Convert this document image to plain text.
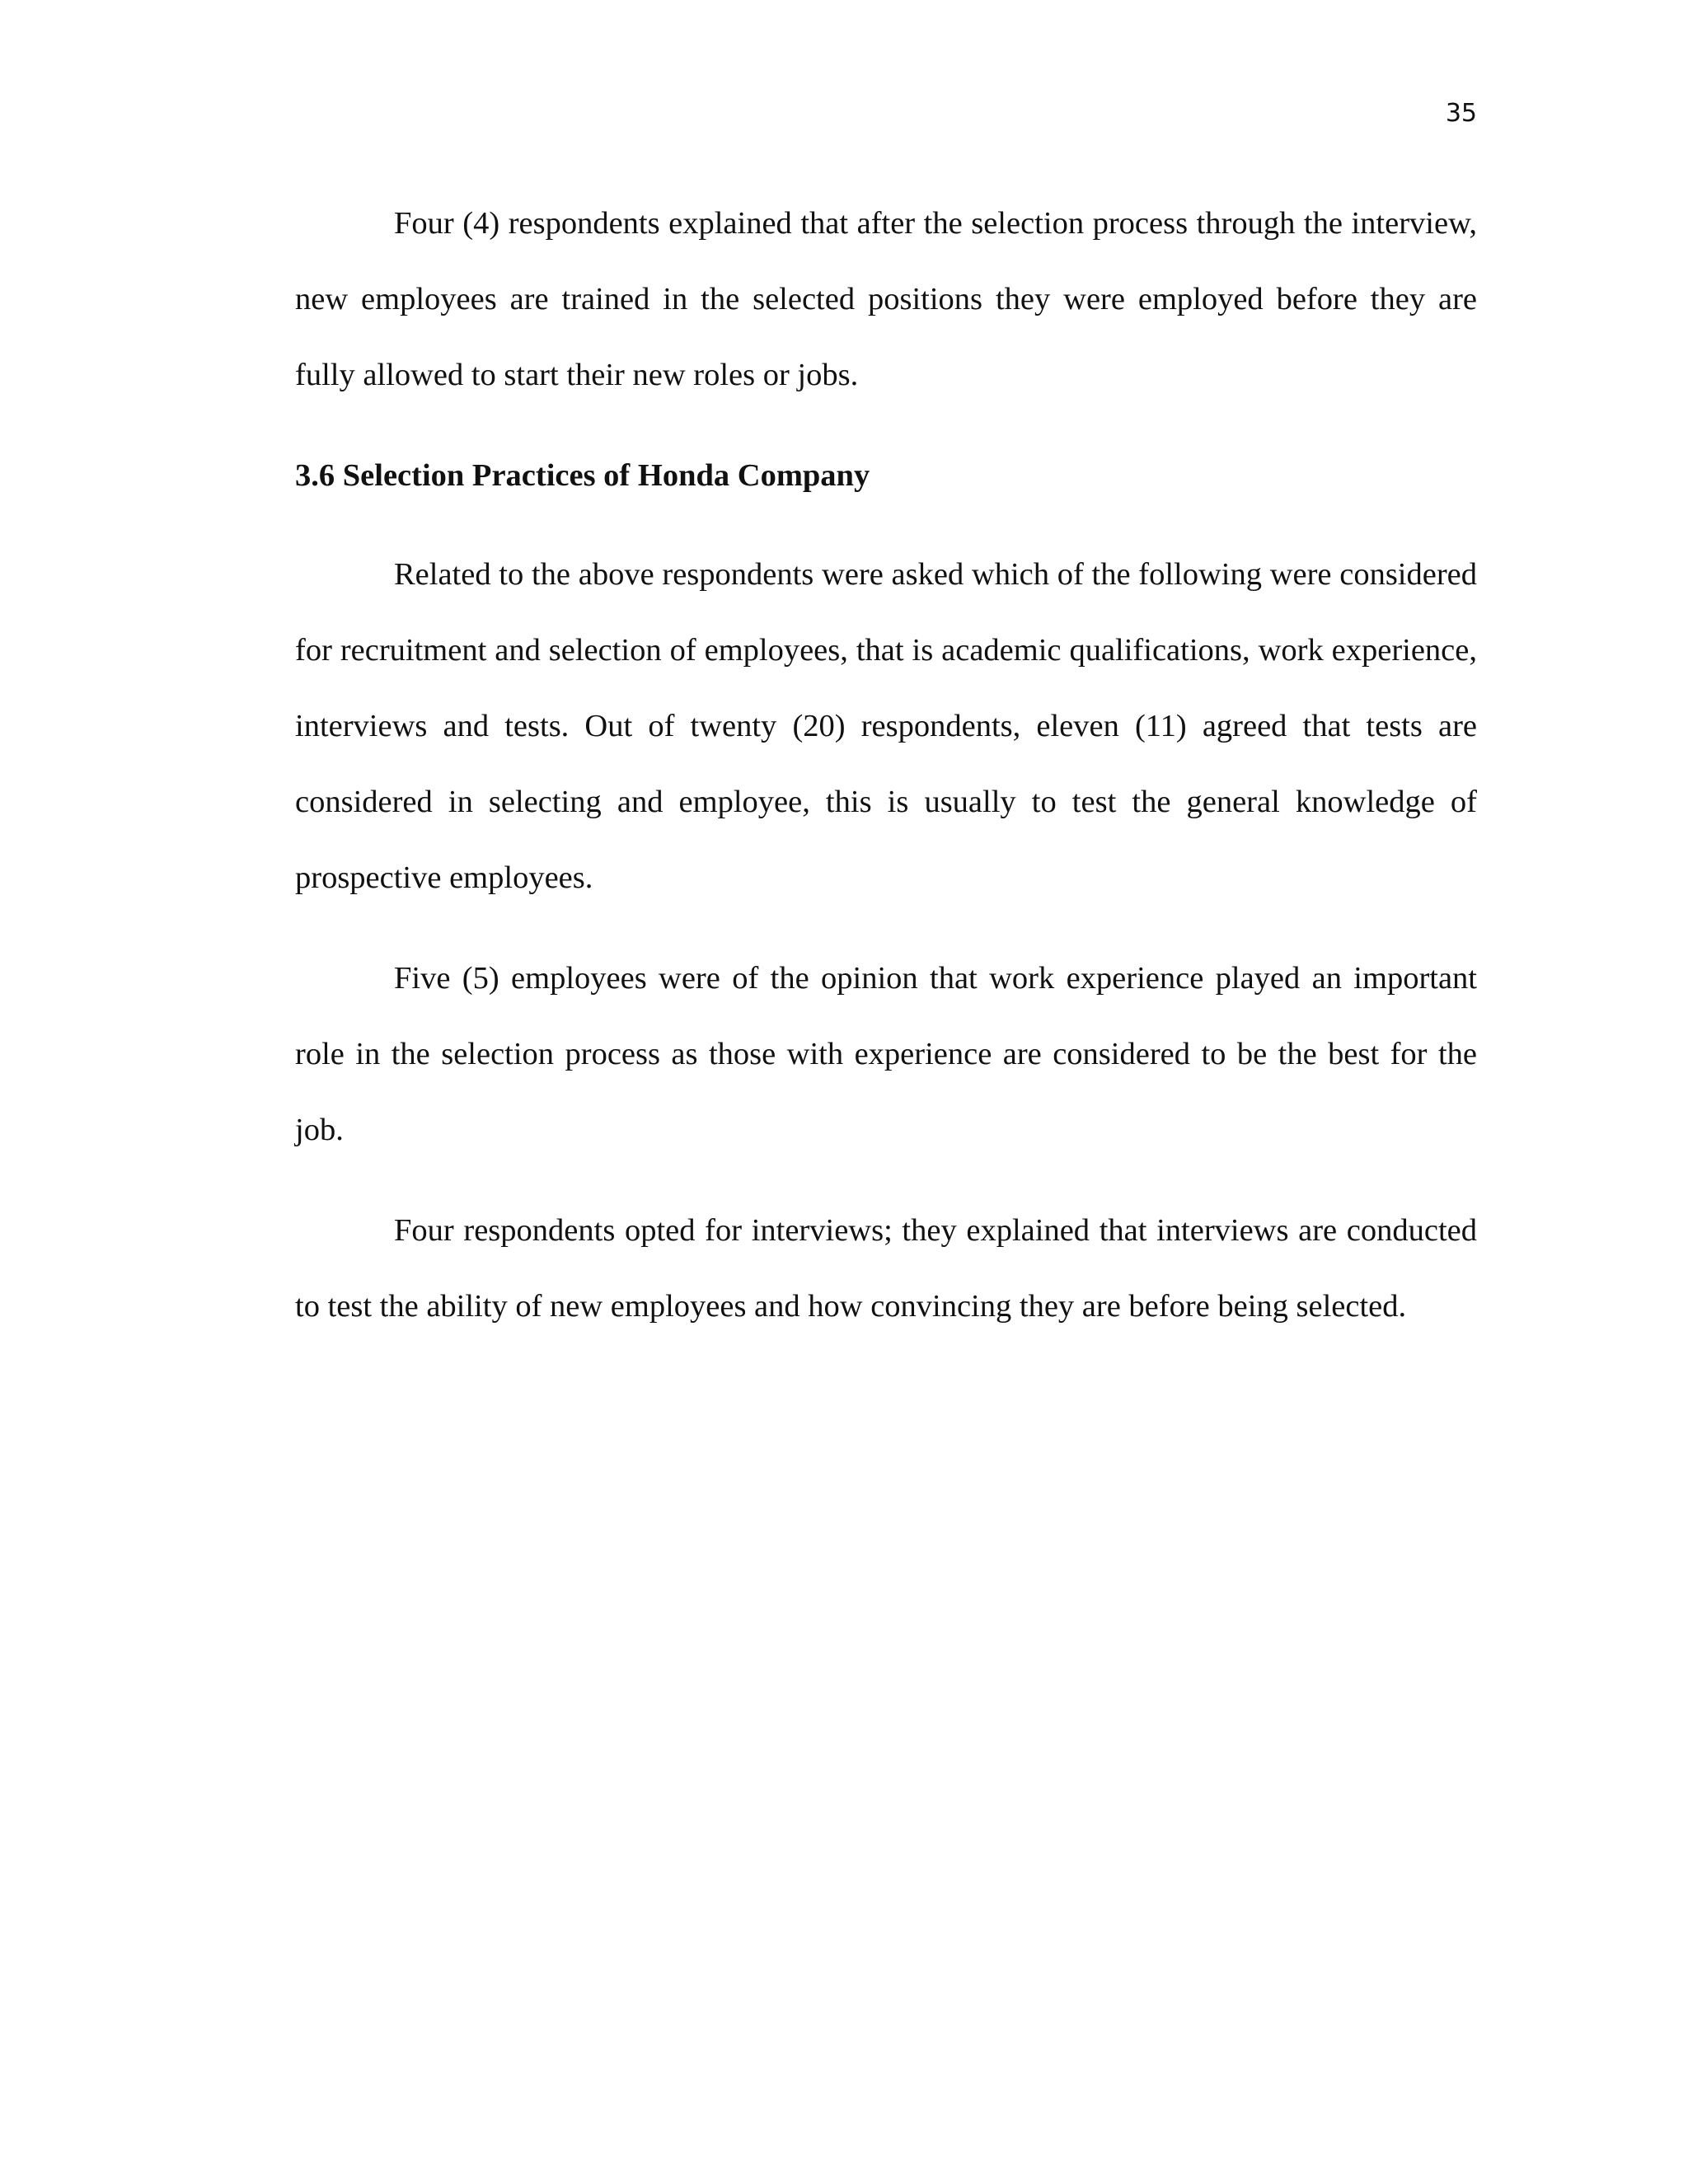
35

Four (4) respondents explained that after the selection process through the interview, new employees are trained in the selected positions they were employed before they are fully allowed to start their new roles or jobs.

3.6 Selection Practices of Honda Company

Related to the above respondents were asked which of the following were considered for recruitment and selection of employees, that is academic qualifications, work experience, interviews and tests. Out of twenty (20) respondents, eleven (11) agreed that tests are considered in selecting and employee, this is usually to test the general knowledge of prospective employees.

Five (5) employees were of the opinion that work experience played an important role in the selection process as those with experience are considered to be the best for the job.

Four respondents opted for interviews; they explained that interviews are conducted to test the ability of new employees and how convincing they are before being selected.
